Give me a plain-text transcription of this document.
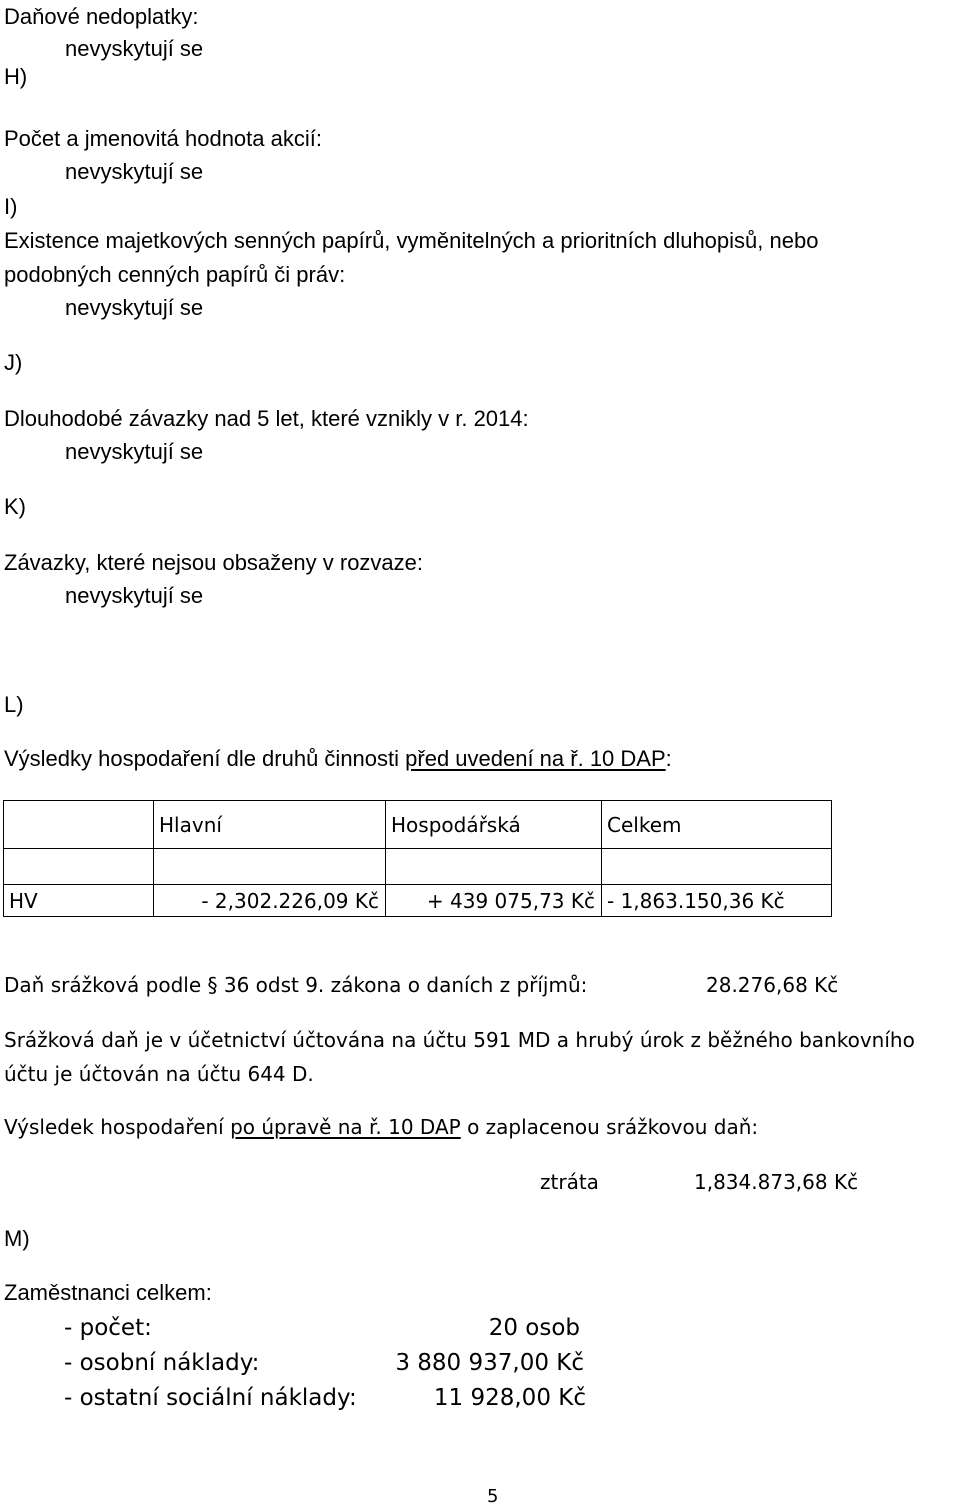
Daňové nedoplatky:
nevyskytují se
H)
Počet a jmenovitá hodnota akcií:
nevyskytují se
I)
Existence majetkových senných papírů, vyměnitelných a prioritních dluhopisů, nebo
podobných cenných papírů či práv:
nevyskytují se
J)
Dlouhodobé závazky nad 5 let, které vznikly v r. 2014:
nevyskytují se
K)
Závazky, které nejsou obsaženy v rozvaze:
nevyskytují se
L)
Výsledky hospodaření dle druhů činnosti před uvedení na ř. 10 DAP:
	Hlavní	Hospodářská	Celkem

HV	- 2,302.226,09 Kč	+ 439 075,73 Kč	- 1,863.150,36 Kč
Daň srážková podle § 36 odst 9. zákona o daních z příjmů:	28.276,68 Kč
Srážková daň je v účetnictví účtována na účtu 591 MD a hrubý úrok z běžného bankovního
účtu je účtován na účtu 644 D.
Výsledek hospodaření po úpravě na ř. 10 DAP o zaplacenou srážkovou daň:
ztráta	1,834.873,68 Kč
M)
Zaměstnanci celkem:
- počet:	20 osob
- osobní náklady:	3 880 937,00 Kč
- ostatní sociální náklady:	11 928,00 Kč
5
